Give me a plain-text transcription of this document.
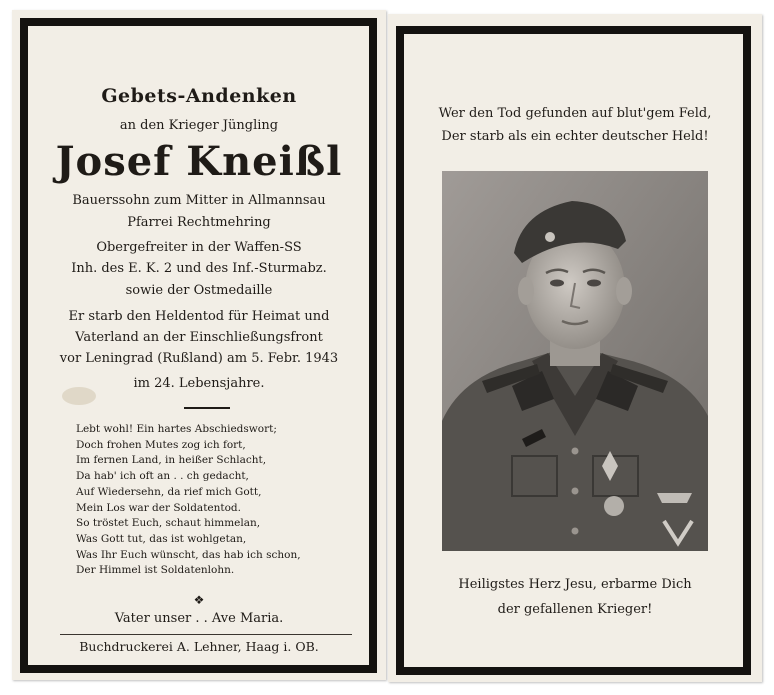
Gebets-Andenken
an den Krieger Jüngling
Josef Kneißl
Bauerssohn zum Mitter in Allmannsau
Pfarrei Rechtmehring
Obergefreiter in der Waffen-SS
Inh. des E. K. 2 und des Inf.-Sturmabz.
sowie der Ostmedaille
Er starb den Heldentod für Heimat und
Vaterland an der Einschließungsfront
vor Leningrad (Rußland) am 5. Febr. 1943
im 24. Lebensjahre.
Lebt wohl! Ein hartes Abschiedswort;
Doch frohen Mutes zog ich fort,
Im fernen Land, in heißer Schlacht,
Da hab' ich oft an . . ch gedacht,
Auf Wiedersehn, da rief mich Gott,
Mein Los war der Soldatentod.
So tröstet Euch, schaut himmelan,
Was Gott tut, das ist wohlgetan,
Was Ihr Euch wünscht, das hab ich schon,
Der Himmel ist Soldatenlohn.
❖
Vater unser . . Ave Maria.
Buchdruckerei A. Lehner, Haag i. OB.
Wer den Tod gefunden auf blut'gem Feld,
Der starb als ein echter deutscher Held!
Heiligstes Herz Jesu, erbarme Dich
der gefallenen Krieger!
